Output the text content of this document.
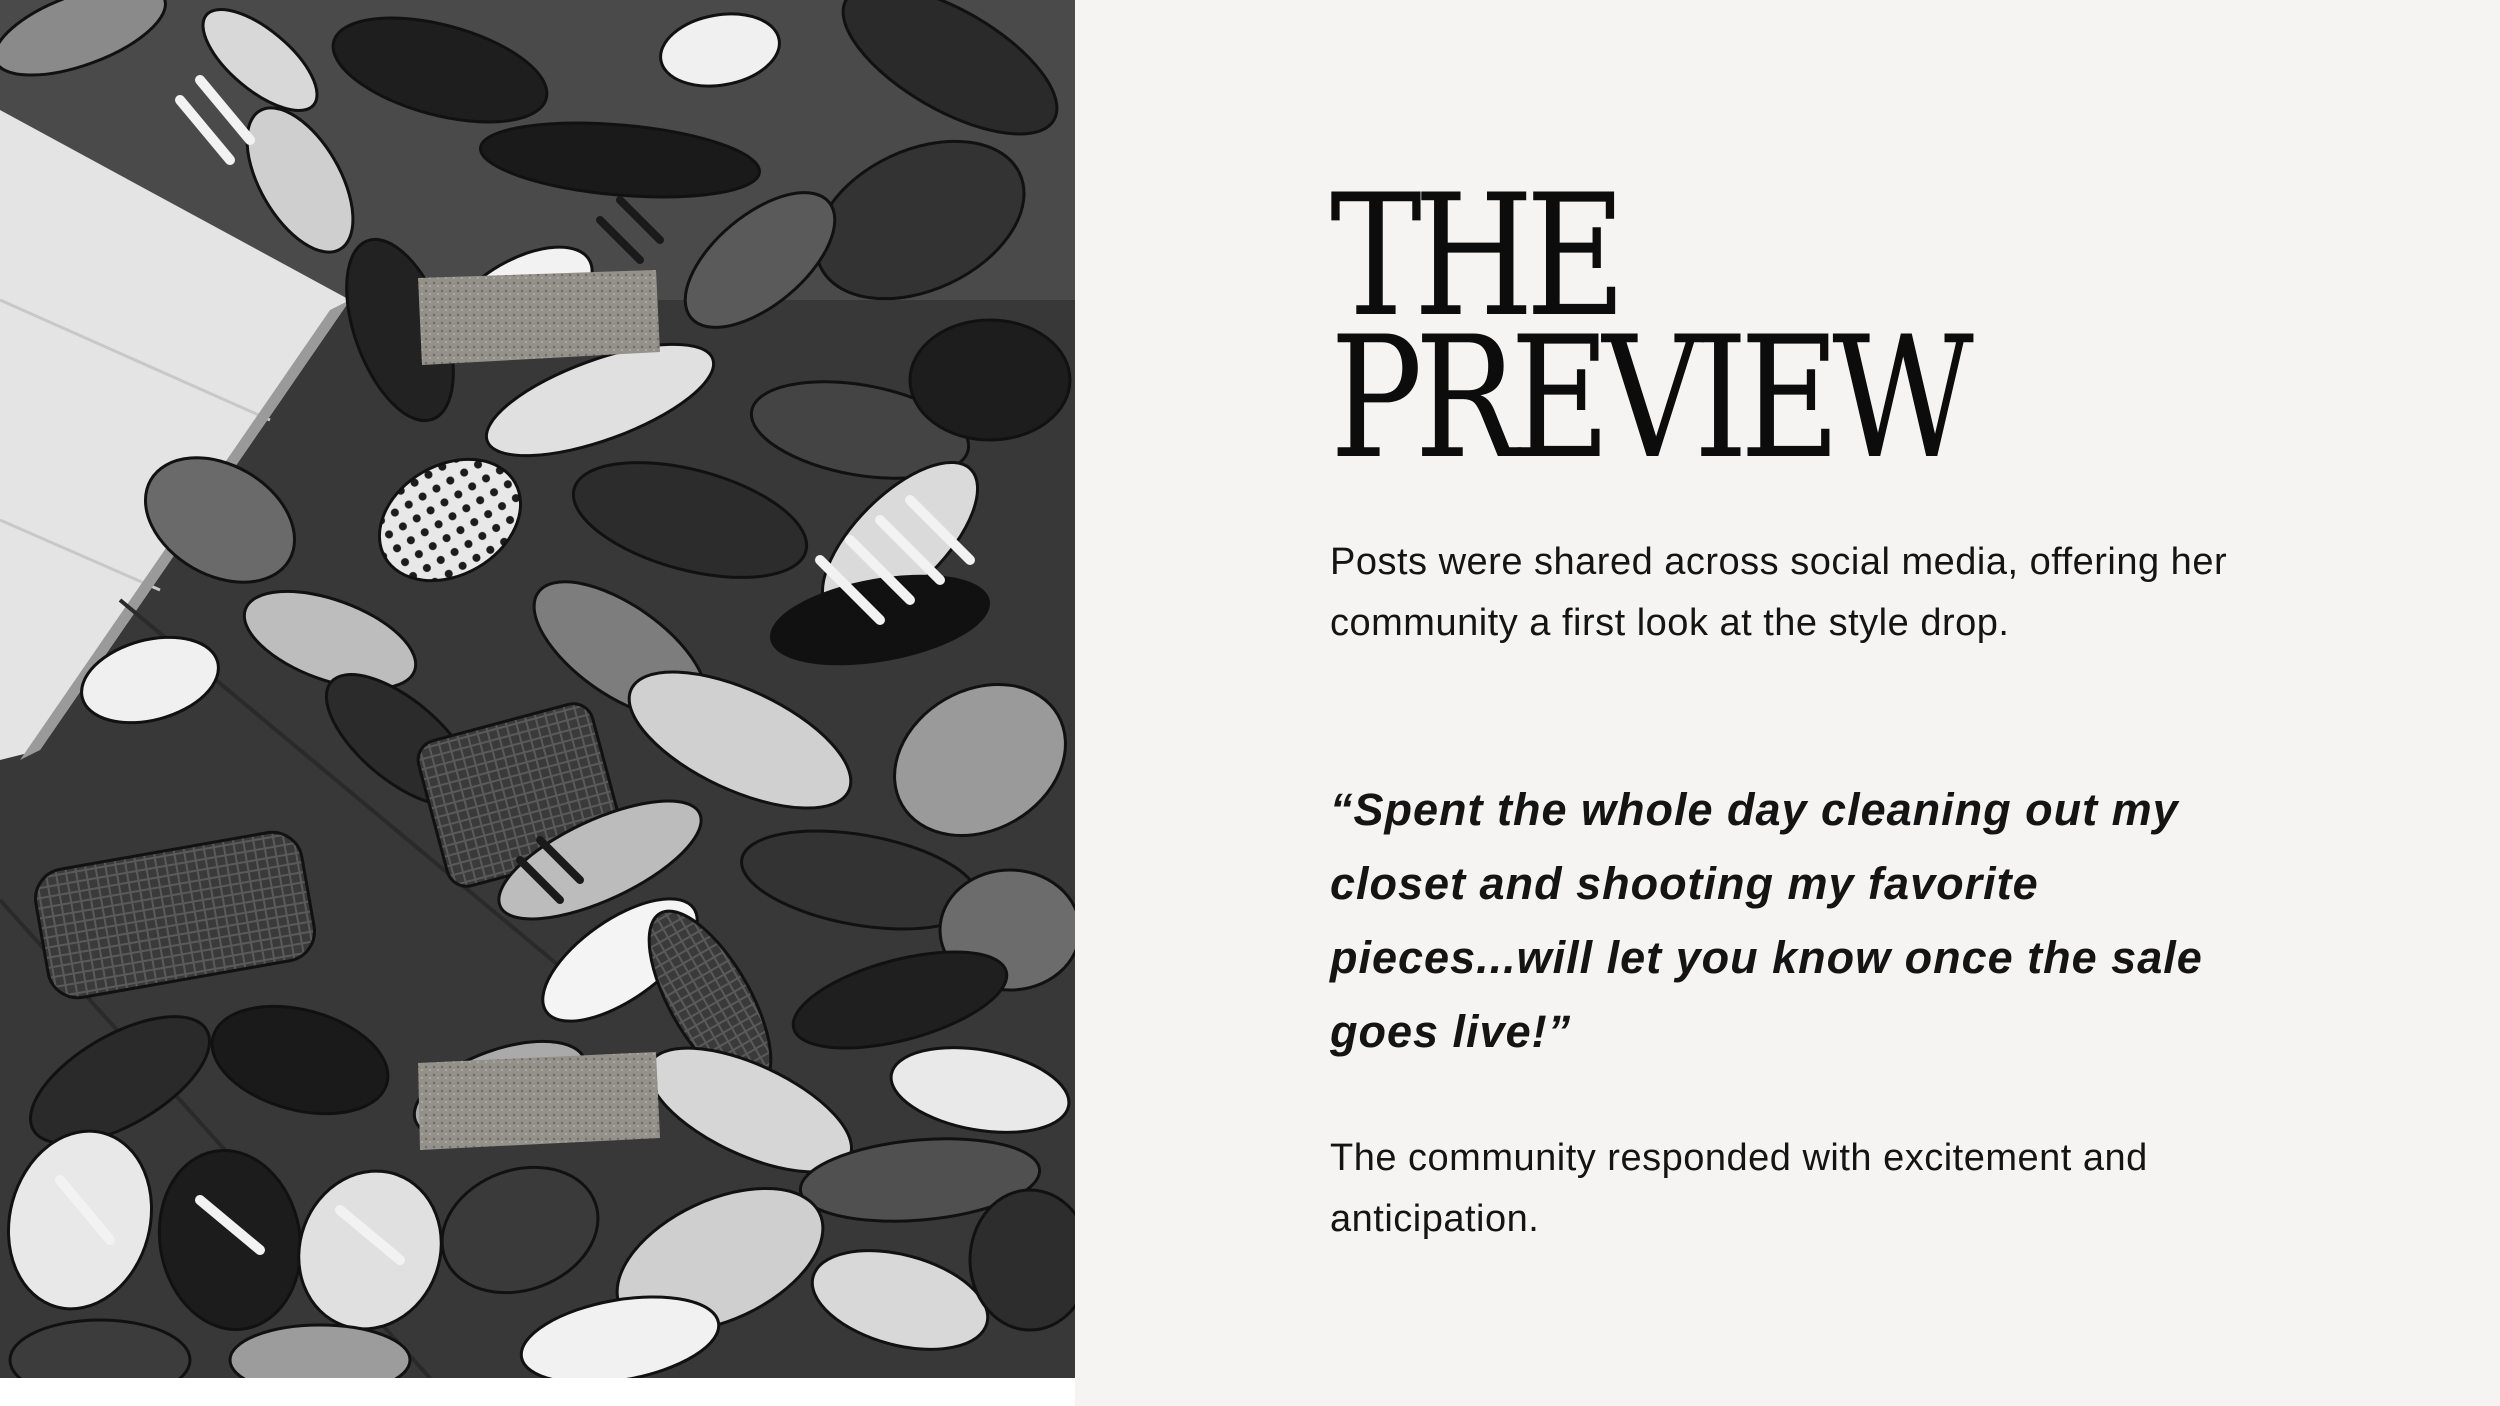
THE
PREVIEW

Posts were shared across social media, offering her community a first look at the style drop.

“Spent the whole day cleaning out my closet and shooting my favorite pieces...will let you know once the sale goes live!”

The community responded with excitement and anticipation.
